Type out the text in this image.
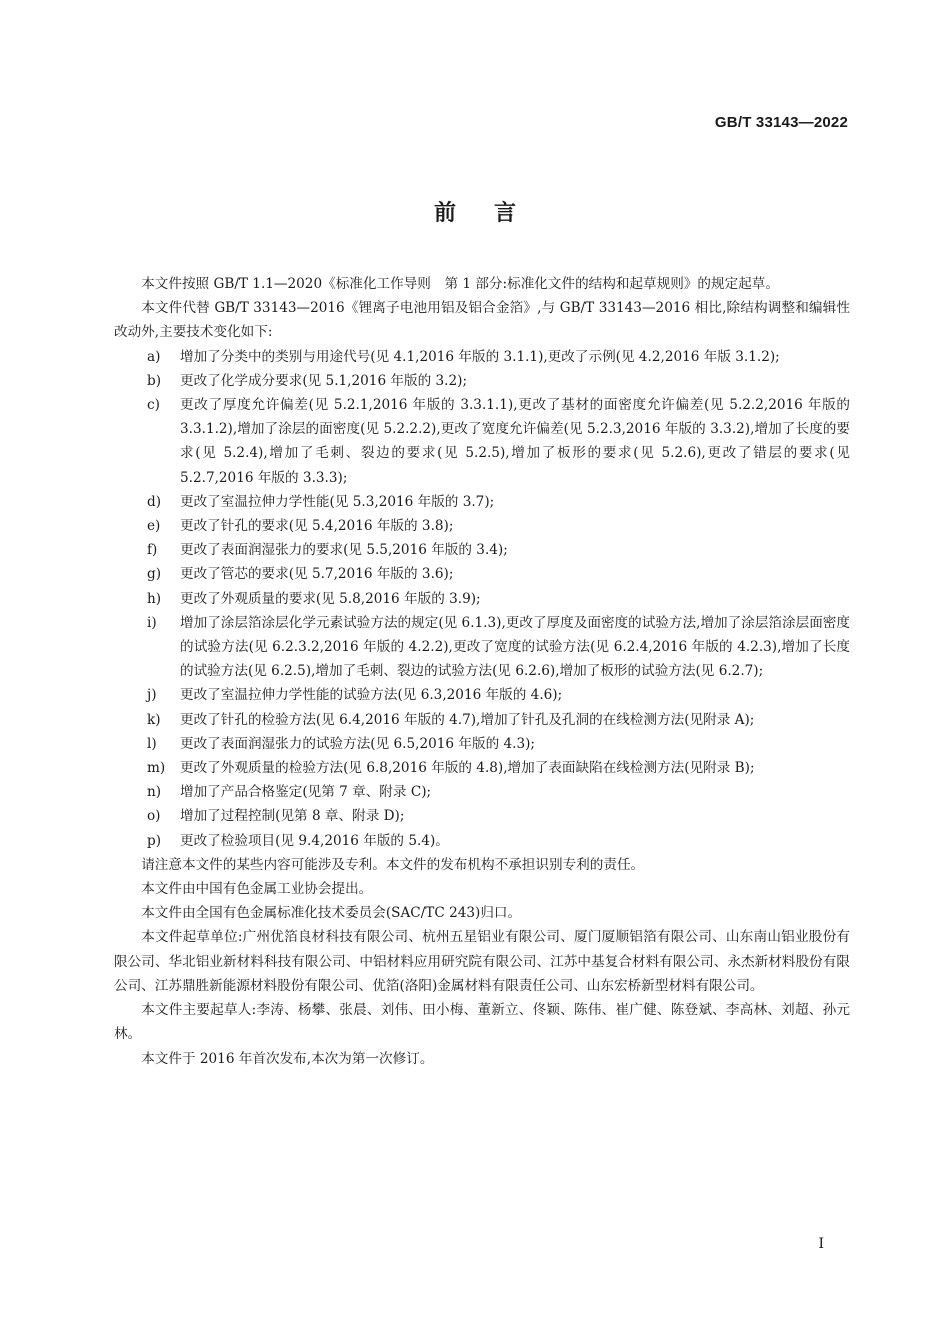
GB/T 33143—2022
前言

本文件按照 GB/T 1.1—2020《标准化工作导则　第 1 部分:标准化文件的结构和起草规则》的规定起草。

本文件代替 GB/T 33143—2016《锂离子电池用铝及铝合金箔》,与 GB/T 33143—2016 相比,除结构调整和编辑性改动外,主要技术变化如下:

a) 增加了分类中的类别与用途代号(见 4.1,2016 年版的 3.1.1),更改了示例(见 4.2,2016 年版 3.1.2);
b) 更改了化学成分要求(见 5.1,2016 年版的 3.2);
c) 更改了厚度允许偏差(见 5.2.1,2016 年版的 3.3.1.1),更改了基材的面密度允许偏差(见 5.2.2,2016 年版的 3.3.1.2),增加了涂层的面密度(见 5.2.2.2),更改了宽度允许偏差(见 5.2.3,2016 年版的 3.3.2),增加了长度的要求(见 5.2.4),增加了毛刺、裂边的要求(见 5.2.5),增加了板形的要求(见 5.2.6),更改了错层的要求(见 5.2.7,2016 年版的 3.3.3);
d) 更改了室温拉伸力学性能(见 5.3,2016 年版的 3.7);
e) 更改了针孔的要求(见 5.4,2016 年版的 3.8);
f) 更改了表面润湿张力的要求(见 5.5,2016 年版的 3.4);
g) 更改了管芯的要求(见 5.7,2016 年版的 3.6);
h) 更改了外观质量的要求(见 5.8,2016 年版的 3.9);
i) 增加了涂层箔涂层化学元素试验方法的规定(见 6.1.3),更改了厚度及面密度的试验方法,增加了涂层箔涂层面密度的试验方法(见 6.2.3.2,2016 年版的 4.2.2),更改了宽度的试验方法(见 6.2.4,2016 年版的 4.2.3),增加了长度的试验方法(见 6.2.5),增加了毛刺、裂边的试验方法(见 6.2.6),增加了板形的试验方法(见 6.2.7);
j) 更改了室温拉伸力学性能的试验方法(见 6.3,2016 年版的 4.6);
k) 更改了针孔的检验方法(见 6.4,2016 年版的 4.7),增加了针孔及孔洞的在线检测方法(见附录 A);
l) 更改了表面润湿张力的试验方法(见 6.5,2016 年版的 4.3);
m) 更改了外观质量的检验方法(见 6.8,2016 年版的 4.8),增加了表面缺陷在线检测方法(见附录 B);
n) 增加了产品合格鉴定(见第 7 章、附录 C);
o) 增加了过程控制(见第 8 章、附录 D);
p) 更改了检验项目(见 9.4,2016 年版的 5.4)。

请注意本文件的某些内容可能涉及专利。本文件的发布机构不承担识别专利的责任。

本文件由中国有色金属工业协会提出。

本文件由全国有色金属标准化技术委员会(SAC/TC 243)归口。

本文件起草单位:广州优箔良材科技有限公司、杭州五星铝业有限公司、厦门厦顺铝箔有限公司、山东南山铝业股份有限公司、华北铝业新材料科技有限公司、中铝材料应用研究院有限公司、江苏中基复合材料有限公司、永杰新材料股份有限公司、江苏鼎胜新能源材料股份有限公司、优箔(洛阳)金属材料有限责任公司、山东宏桥新型材料有限公司。

本文件主要起草人:李涛、杨攀、张晨、刘伟、田小梅、董新立、佟颖、陈伟、崔广健、陈登斌、李高林、刘超、孙元林。

本文件于 2016 年首次发布,本次为第一次修订。

I
